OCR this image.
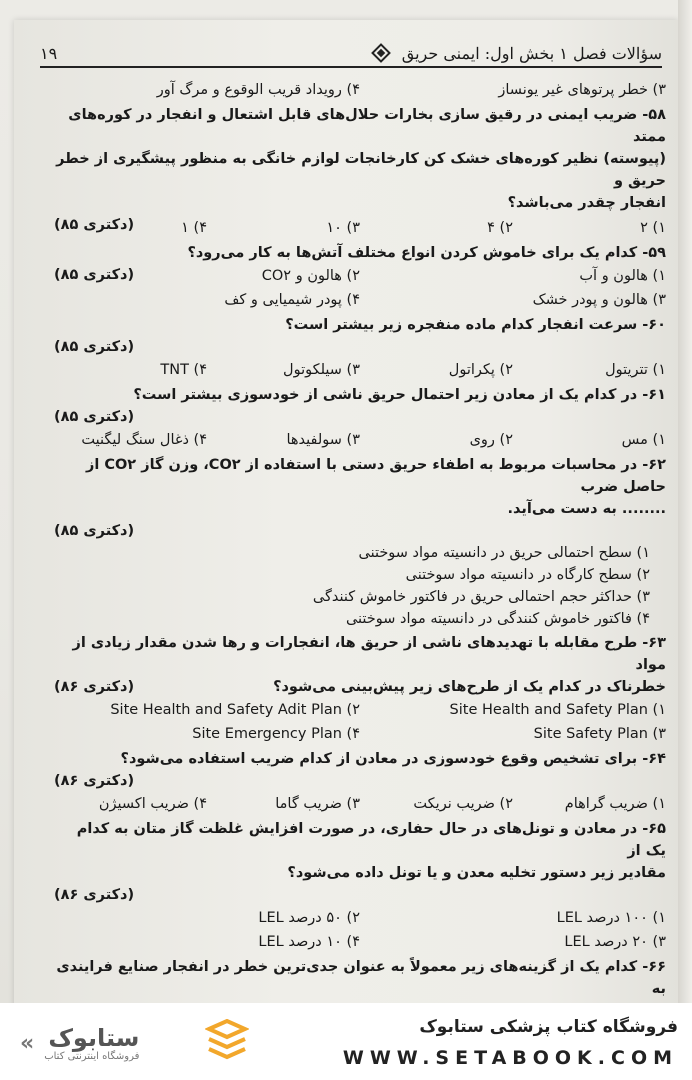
سؤالات فصل ۱ بخش اول: ایمنی حریق
۱۹
۳) خطر پرتوهای غیر یونساز
۴) رویداد قریب الوقوع و مرگ آور
۵۸- ضریب ایمنی در رقیق سازی بخارات حلال‌های قابل اشتعال و انفجار در کوره‌های ممتد
(پیوسته) نظیر کوره‌های خشک کن کارخانجات لوازم خانگی به منظور پیشگیری از خطر حریق و
انفجار چقدر می‌باشد؟
(دکتری ۸۵)	۱) ۲
۲) ۴
۳) ۱۰
۴) ۱
۵۹- کدام یک برای خاموش کردن انواع مختلف آتش‌ها به کار می‌رود؟
(دکتری ۸۵)	۱) هالون و آب
۲) هالون و CO۲
۳) هالون و پودر خشک
۴) پودر شیمیایی و کف
۶۰- سرعت انفجار کدام ماده منفجره زیر بیشتر است؟
(دکتری ۸۵)
۱) تتریتول
۲) پکراتول
۳) سیلکوتول
۴) TNT
۶۱- در کدام یک از معادن زیر احتمال حریق ناشی از خودسوزی بیشتر است؟
(دکتری ۸۵)
۱) مس
۲) روی
۳) سولفیدها
۴) ذغال سنگ لیگنیت
۶۲- در محاسبات مربوط به اطفاء حریق دستی با استفاده از CO۲، وزن گاز CO۲ از حاصل ضرب
........ به دست می‌آید.
(دکتری ۸۵)
۱) سطح احتمالی حریق در دانسیته مواد سوختنی
۲) سطح کارگاه در دانسیته مواد سوختنی
۳) حداکثر حجم احتمالی حریق در فاکتور خاموش کنندگی
۴) فاکتور خاموش کنندگی در دانسیته مواد سوختنی
۶۳- طرح مقابله با تهدیدهای ناشی از حریق ها، انفجارات و رها شدن مقدار زیادی از مواد
خطرناک در کدام یک از طرح‌های زیر پیش‌بینی می‌شود؟
(دکتری ۸۶)
Site Health and Safety Plan (۱
Site Health and Safety Adit Plan (۲
Site Safety Plan (۳
Site Emergency Plan (۴
۶۴- برای تشخیص وقوع خودسوزی در معادن از کدام ضریب استفاده می‌شود؟
(دکتری ۸۶)
۱) ضریب گراهام
۲) ضریب نریکت
۳) ضریب گاما
۴) ضریب اکسیژن
۶۵- در معادن و تونل‌های در حال حفاری، در صورت افزایش غلظت گاز متان به کدام یک از
مقادیر زیر دستور تخلیه معدن و یا تونل داده می‌شود؟
(دکتری ۸۶)
۱) ۱۰۰ درصد LEL
۲) ۵۰ درصد LEL
۳) ۲۰ درصد LEL
۴) ۱۰ درصد LEL
۶۶- کدام یک از گزینه‌های زیر معمولاً به عنوان جدی‌ترین خطر در انفجار صنایع فرایندی به
« ستابوک
فروشگاه اینترنتی کتاب
فروشگاه کتاب پزشکی ستابوک
WWW.SETABOOK.COM
